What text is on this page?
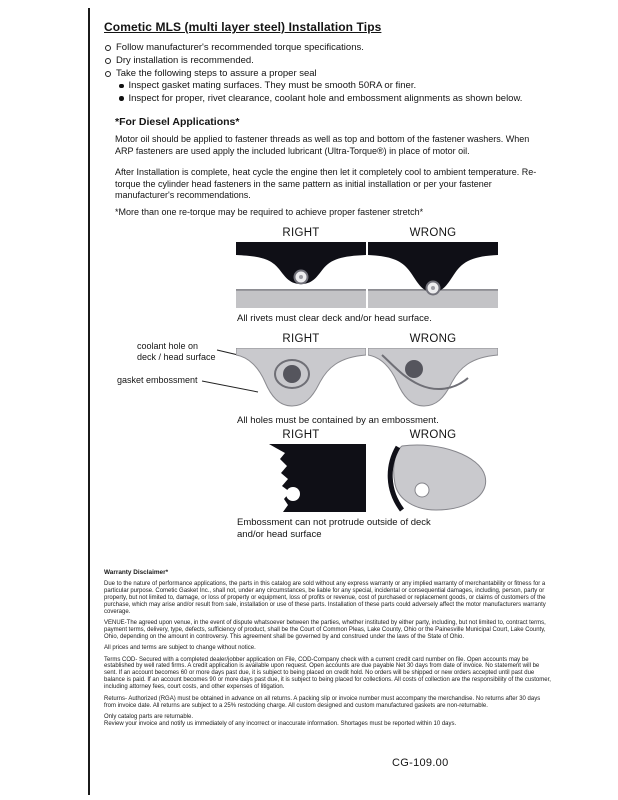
Cometic MLS (multi layer steel) Installation Tips
Follow manufacturer's recommended torque specifications.
Dry installation is recommended.
Take the following steps to assure a proper seal
Inspect gasket mating surfaces. They must be smooth 50RA or finer.
Inspect for proper, rivet clearance, coolant hole and embossment alignments as shown below.
*For Diesel Applications*

Motor oil should be applied to fastener threads as well as top and bottom of the fastener washers. When ARP fasteners are used apply the included lubricant (Ultra-Torque®) in place of motor oil.

After Installation is complete, heat cycle the engine then let it completely cool to ambient temperature. Re-torque the cylinder head fasteners in the same pattern as initial installation or per your fastener manufacturer's recommendations.

*More than one re-torque may be required to achieve proper fastener stretch*

RIGHT	WRONG
All rivets must clear deck and/or head surface.
RIGHT	WRONG
coolant hole on
deck / head surface
gasket embossment
All holes must be contained by an embossment.
RIGHT	WRONG
Embossment can not protrude outside of deck
and/or head surface
Warranty Disclaimer*

Due to the nature of performance applications, the parts in this catalog are sold without any express warranty or any implied warranty of merchantability or fitness for a particular purpose. Cometic Gasket Inc., shall not, under any circumstances, be liable for any special, incidental or consequential damages, including, person, party or property, but not limited to, damage, or loss of property or equipment, loss of profits or revenue, cost of purchased or replacement goods, or claims of customers of the purchase, which may arise and/or result from sale, installation or use of these parts. Installation of these parts could adversely affect the motor manufacturers warranty coverage.

VENUE-The agreed upon venue, in the event of dispute whatsoever between the parties, whether instituted by either party, including, but not limited to, contract terms, payment terms, delivery, type, defects, sufficiency of product, shall be the Court of Common Pleas, Lake County, Ohio or the Painesville Municipal Court, Lake County, Ohio, depending on the amount in controversy. This agreement shall be governed by and construed under the laws of the State of Ohio.

All prices and terms are subject to change without notice.

Terms COD- Secured with a completed dealer/jobber application on File, COD-Company check with a current credit card number on file. Open accounts may be established by well rated firms. A credit application is available upon request. Open accounts are due payable Net 30 days from date of invoice. No statement will be sent. If an account becomes 60 or more days past due, it is subject to being placed on credit hold. No orders will be shipped or new orders accepted until past due balance is paid. If an account becomes 90 or more days past due, it is subject to being placed for collections. All costs of collection are the responsibility of the customer, including attorney fees, court costs, and other expenses of litigation.

Returns- Authorized (RGA) must be obtained in advance on all returns. A packing slip or invoice number must accompany the merchandise. No returns after 30 days from invoice date. All returns are subject to a 25% restocking charge. All custom designed and custom manufactured gaskets are non-returnable.

Only catalog parts are returnable.

Review your invoice and notify us immediately of any incorrect or inaccurate information. Shortages must be reported within 10 days.

CG-109.00
